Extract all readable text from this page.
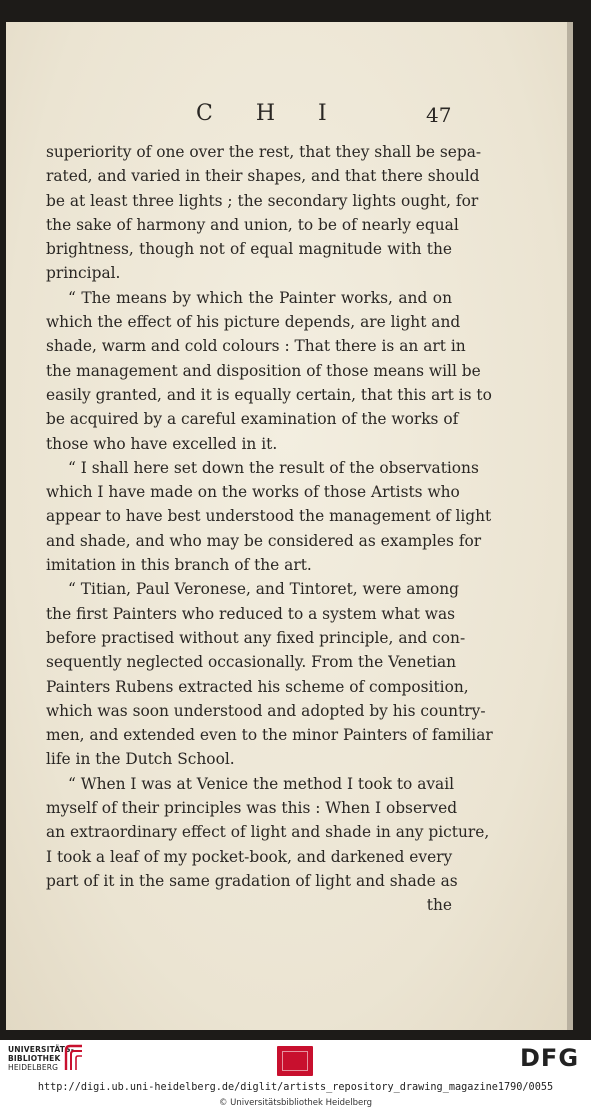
C H I	47
superiority of one over the rest, that they shall be sepa-
rated, and varied in their shapes, and that there should
be at least three lights ; the secondary lights ought, for
the sake of harmony and union, to be of nearly equal
brightness, though not of equal magnitude with the
principal.
“ The means by which the Painter works, and on
which the effect of his picture depends, are light and
shade, warm and cold colours : That there is an art in
the management and disposition of those means will be
easily granted, and it is equally certain, that this art is to
be acquired by a careful examination of the works of
those who have excelled in it.
“ I shall here set down the result of the observations
which I have made on the works of those Artists who
appear to have best understood the management of light
and shade, and who may be considered as examples for
imitation in this branch of the art.
“ Titian, Paul Veronese, and Tintoret, were among
the first Painters who reduced to a system what was
before practised without any fixed principle, and con-
sequently neglected occasionally. From the Venetian
Painters Rubens extracted his scheme of composition,
which was soon understood and adopted by his country-
men, and extended even to the minor Painters of familiar
life in the Dutch School.
“ When I was at Venice the method I took to avail
myself of their principles was this : When I observed
an extraordinary effect of light and shade in any picture,
I took a leaf of my pocket-book, and darkened every
part of it in the same gradation of light and shade as
the
UNIVERSITÄTS-
BIBLIOTHEK
HEIDELBERG	DFG
http://digi.ub.uni-heidelberg.de/diglit/artists_repository_drawing_magazine1790/0055
© Universitätsbibliothek Heidelberg
